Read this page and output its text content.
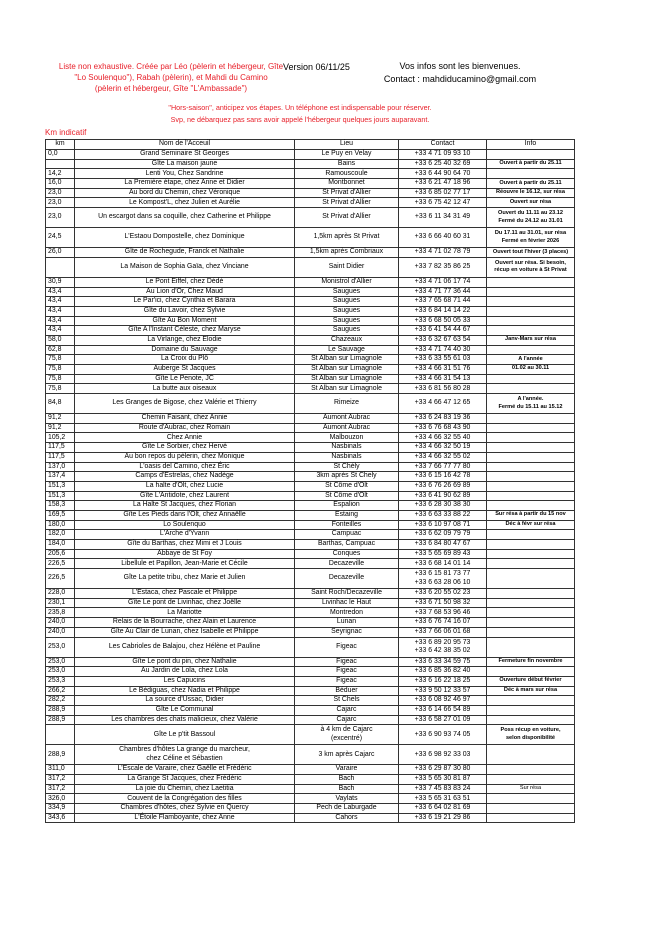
Liste non exhaustive. Créée par Léo (pèlerin et hébergeur, Gîte
"Lo Soulenquo"), Rabah (pèlerin), et Mahdi du Camino
(pèlerin et hébergeur, Gîte "L'Ambassade")
Version 06/11/25	Vos infos sont les bienvenues.
Contact : mahdiducamino@gmail.com
"Hors-saison", anticipez vos étapes. Un téléphone est indispensable pour réserver.
Svp, ne débarquez pas sans avoir appelé l'hébergeur quelques jours auparavant.
Km indicatif
km	Nom de l'Acceuil	Lieu	Contact	Info
0,0	Grand Seminaire St Georges	Le Puy en Velay	+33 4 71 09 93 10	

	Gîte La maison jaune	Bains	+33 6 25 40 32 69	Ouvert à partir du 25.11

14,2	Lenti You, Chez Sandrine	Ramouscoule	+33 6 44 90 64 70	

16,0	La Première étape, chez Anne et Didier	Montbonnet	+33 6 21 47 18 96	Ouvert à partir du 25.11

23,0	Au bord du Chemin, chez Véronique	St Privat d'Allier	+33 6 85 02 77 17	Réouvre le 16.12, sur résa

23,0	Le Kompost'L, chez Julien et Aurélie	St Privat d'Allier	+33 6 75 42 12 47	Ouvert sur résa

23,0	Un escargot dans sa coquille, chez Catherine et Philippe	St Privat d'Allier	+33 6 11 34 31 49	Ouvert du 11.11 au 23.12
Fermé du 24.12 au 31.01

24,5	L'Estaou Dompostelle, chez Dominique	1,5km après St Privat	+33 6 66 40 60 31	Du 17.11 au 31.01, sur résa
Fermé en février 2026

26,0	Gîte de Rochegude, Franck et Nathalie	1,5km après Combriaux	+33 4 71 02 78 79	Ouvert tout l'hiver (3 places)

	La Maison de Sophia Gaïa, chez Vinciane	Saint Didier	+33 7 82 35 86 25	Ouvert sur résa. Si besoin,
récup en voiture à St Privat

30,9	Le Pont Eiffel, chez Dédé	Monistrol d'Allier	+33 4 71 06 17 74	

43,4	Au Lion d'Or, Chez Maud	Saugues	+33 4 71 77 36 44	

43,4	Le Par'ici, chez Cynthia et Barara	Saugues	+33 7 65 68 71 44	

43,4	Gîte du Lavoir, chez Sylvie	Saugues	+33 6 84 14 14 22	

43,4	Gîte Au Bon Moment	Saugues	+33 6 68 50 05 33	

43,4	Gîte A l'Instant Céleste, chez Maryse	Saugues	+33 6 41 54 44 67	

58,0	La Virlange, chez Elodie	Chazeaux	+33 6 32 67 63 54	Janv-Mars sur résa

62,8	Domaine du Sauvage	Le Sauvage	+33 4 71 74 40 30	

75,8	La Croix du Plô	St Alban sur Limagnole	+33 6 33 55 61 03	A l'année

75,8	Auberge St Jacques	St Alban sur Limagnole	+33 4 66 31 51 76	01.02 au 30.11

75,8	Gîte Le Penote, JC	St Alban sur Limagnole	+33 4 66 31 54 13	

75,8	La butte aux oiseaux	St Alban sur Limagnole	+33 6 81 56 80 28	

84,8	Les Granges de Bigose, chez Valérie et Thierry	Rimeize	+33 4 66 47 12 65	A l'année.
Fermé du 15.11 au 15.12

91,2	Chemin Faisant, chez Annie	Aumont Aubrac	+33 6 24 83 19 36	

91,2	Route d'Aubrac, chez Romain	Aumont Aubrac	+33 6 76 68 43 90	

105,2	Chez Annie	Malbouzon	+33 4 66 32 55 40	

117,5	Gîte Le Sorbier, chez Hervé	Nasbinals	+33 4 66 32 50 19	

117,5	Au bon repos du pèlerin, chez Monique	Nasbinals	+33 4 66 32 55 02	

137,0	L'oasis del Camino, chez Éric	St Chély	+33 7 66 77 77 80	

137,4	Camps d'Estrelas, chez Nadège	3km après St Chely	+33 6 15 16 42 78	

151,3	La halte d'Olt, chez Lucie	St Côme d'Olt	+33 6 76 26 69 89	

151,3	Gîte L'Antidote, chez Laurent	St Côme d'Olt	+33 6 41 90 62 89	

158,3	La Halte St Jacques, chez Florian	Espalion	+33 6 28 30 38 30	

169,5	Gîte Les Pieds dans l'Olt, chez Annaëlle	Estaing	+33 6 63 33 88 22	Sur résa à partir du 15 nov

180,0	Lo Soulenquo	Fonteilles	+33 6 10 97 08 71	Déc à févr sur résa

182,0	L'Arche d'Yvann	Campuac	+33 6 62 09 79 79	

184,0	Gîte du Barthas, chez Mimi et J Louis	Barthas, Campuac	+33 6 84 80 47 67	

205,6	Abbaye de St Foy	Conques	+33 5 65 69 89 43	

226,5	Libellule et Papillon, Jean-Marie et Cécile	Decazeville	+33 6 68 14 01 14	

226,5	Gîte La petite tribu, chez Marie et Julien	Decazeville	+33 6 15 81 73 77
+33 6 63 28 06 10	

228,0	L'Estaca, chez Pascale et Philippe	Saint Roch/Decazeville	+33 6 20 55 02 23	

230,1	Gîte Le pont de Livinhac, chez Joëlle	Livinhac le Haut	+33 6 71 50 98 32	

235,8	La Mariotte	Montredon	+33 7 68 53 96 46	

240,0	Relais de la Bourrache, chez Alain et Laurence	Lunan	+33 6 76 74 16 07	

240,0	Gîte Au Clair de Lunan, chez Isabelle et Philippe	Seyrignac	+33 7 66 06 01 68	

253,0	Les Cabrioles de Balajou, chez Hélène et Pauline	Figeac	+33 6 89 20 95 73
+33 6 42 38 35 02	

253,0	Gîte Le pont du pin, chez Nathalie	Figeac	+33 6 33 34 59 75	Fermeture fin novembre

253,0	Au Jardin de Lola, chez Lola	Figeac	+33 6 85 36 82 40	

253,3	Les Capucins	Figeac	+33 6 16 22 18 25	Ouverture début février

266,2	Le Bédiguas, chez Nadia et Philippe	Béduer	+33 9 50 12 33 57	Déc à mars sur résa

282,2	La source d'Ussac, Didier	St Chels	+33 6 08 92 46 97	

288,9	Gîte Le Communal	Cajarc	+33 6 14 66 54 89	

288,9	Les chambres des chats malicieux, chez Valérie	Cajarc	+33 6 58 27 01 09	

	Gîte Le p'tit Bassoul	à 4 km de Cajarc
(excentré)	+33 6 90 93 74 05	Poss récup en voiture,
selon disponibilité

288,9	Chambres d'hôtes La grange du marcheur,
chez Céline et Sébastien	3 km après Cajarc	+33 6 98 92 33 03	

311,0	L'Escale de Varaire, chez Gaëlle et Frédéric	Varaire	+33 6 29 87 30 80	

317,2	La Grange St Jacques, chez Frédéric	Bach	+33 5 65 30 81 87	

317,2	La joie du Chemin, chez Laetitia	Bach	+33 7 45 83 83 24	Sur résa

326,0	Couvent de la Congrégation des filles	Vaylats	+33 5 65 31 63 51	

334,9	Chambres d'hôtes, chez Sylvie en Quercy	Pech de Laburgade	+33 6 64 02 81 69	

343,6	L'Étoile Flamboyante, chez Anne	Cahors	+33 6 19 21 29 86	
